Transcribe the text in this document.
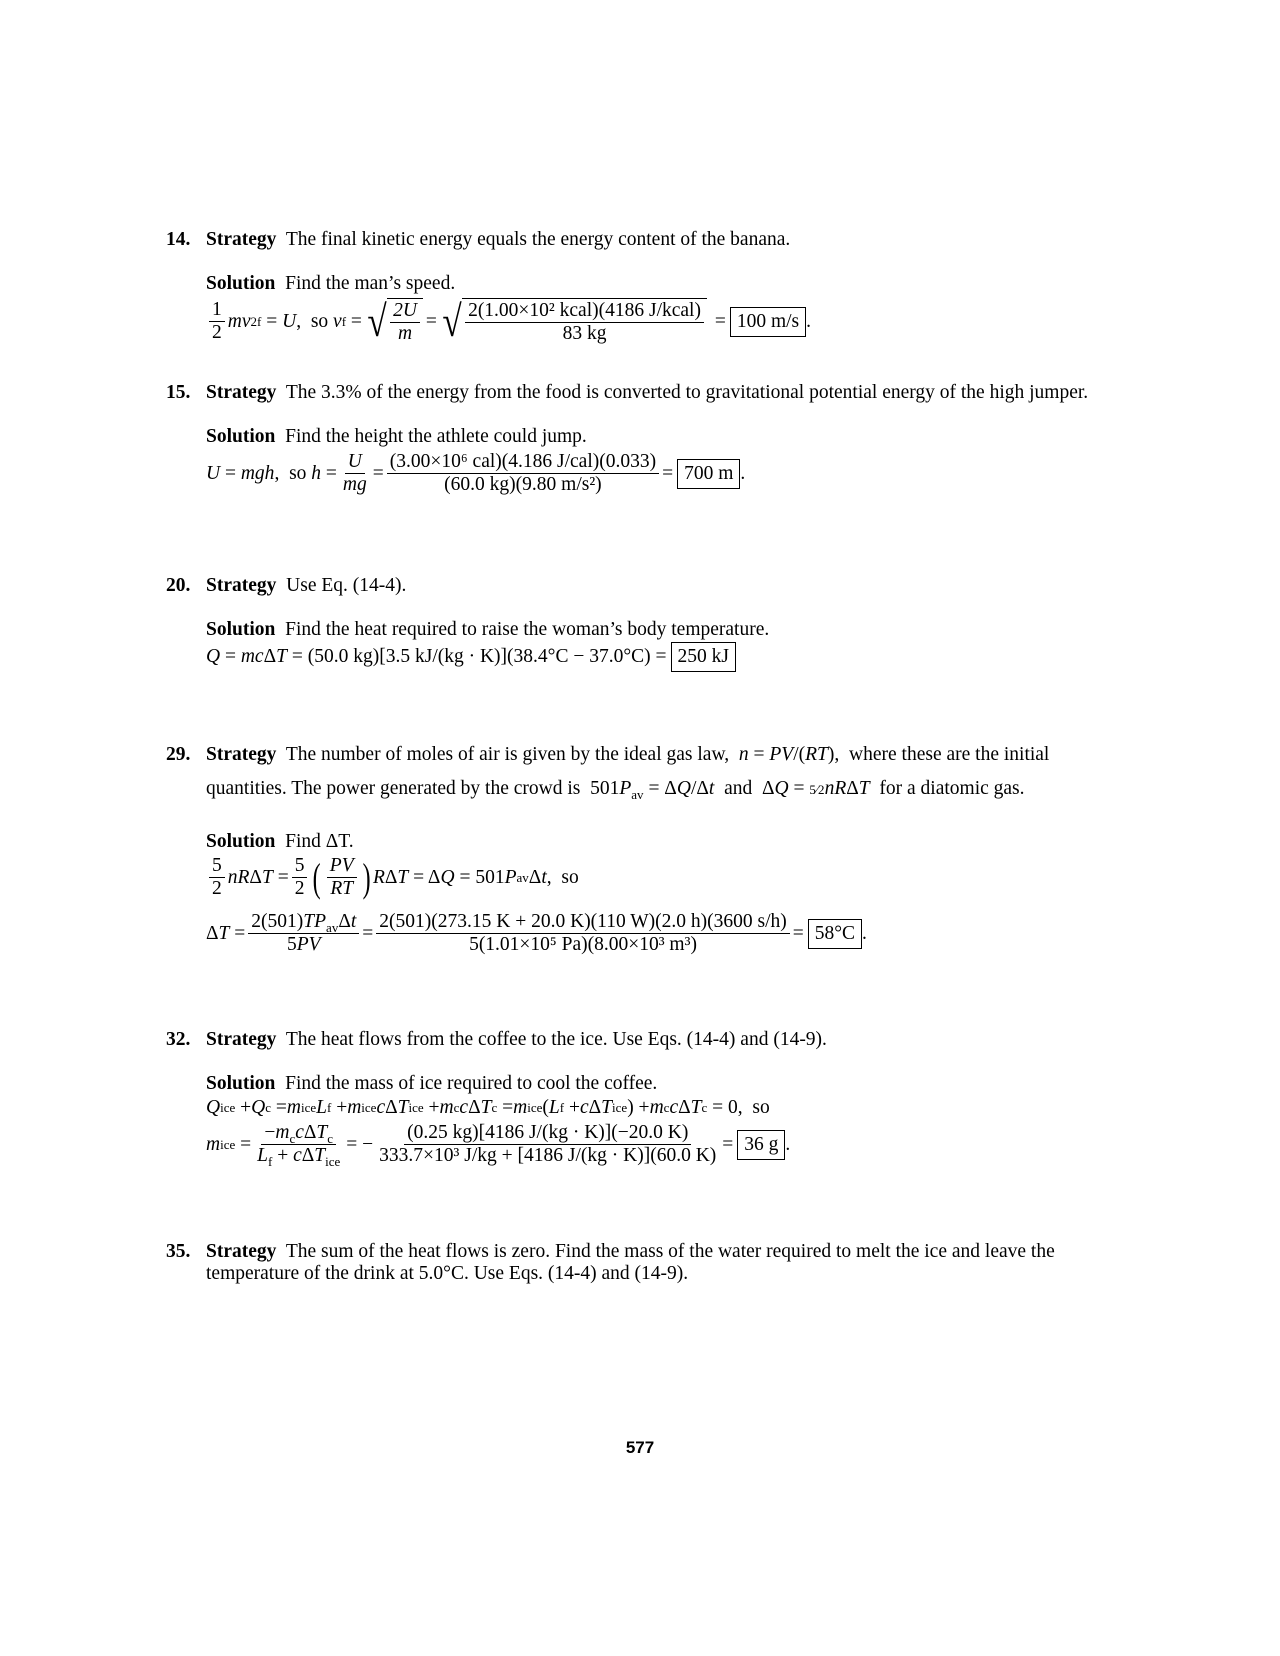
14. Strategy The final kinetic energy equals the energy content of the banana.
Solution Find the man’s speed.
$\frac{1}{2}$ mv 2 f = U ,  so v f = √ $\frac{2U}{m}$ = √ $\frac{\text{2(1.00×10² kcal)(4186 J/kcal)}}{83 kg} = 100$ m/s .
15. Strategy The 3.3% of the energy from the food is converted to gravitational potential energy of the high jumper.
Solution Find the height the athlete could jump.
U = mgh ,  so $h = \frac{U}{mg} = \frac{\text{(3.00×10⁶ cal)(4.186 J/cal)(0.033)}}{\text{(60.0 kg)(9.80 m/s²)}} = 700$ m .
20. Strategy Use Eq. (14-4).
Solution Find the heat required to raise the woman’s body temperature.
Q = mc Δ T
= (50.0 kg)[3.5 kJ/(kg · K)](38.4°C − 37.0°C) = 250 kJ
29. Strategy The number of moles of air is given by the ideal gas law, n = PV/(RT),  where these are the initial
quantities. The power generated by the crowd is  $501P_{av} = \Delta Q/\Delta t$  and  ΔQ = 5⁄2nRΔT for a diatomic gas.
Solution Find ΔT.
$\frac{5}{2}$ nR Δ $T = \frac{5}{2}$ ( $\frac{PV}{RT}$ ) R Δ T = Δ Q = 501 P av Δ t ,  so
Δ $T = \frac{2(501)TP_{av}\Delta t}{5PV} = \frac{2(501)(273.15 K + 20.0 K)(110 W)(2.0 h)(3600 s/h)}{\text{5(1.01×10⁵ Pa)(8.00×10³ m³)}} = 58^\circ C$ .
32. Strategy The heat flows from the coffee to the ice. Use Eqs. (14-4) and (14-9).
Solution Find the mass of ice required to cool the coffee.
Q ice + Q c = m ice L f + m ice c Δ T ice + m c c Δ T c = m ice ( L f + c Δ T ice ) + m c c Δ T c = 0,  so
m ice = $\frac{-m_cc\Delta T_c}{L_f + c\Delta T_{ice}}$ = − $\frac{(0.25 kg)[4186 J/(kg \cdot K)](-20.0 K)}{\text{333.7×10³ J/kg + [4186 J/(kg · K)](60.0 K)}} = 36$ g .
35. Strategy The sum of the heat flows is zero. Find the mass of the water required to melt the ice and leave the
temperature of the drink at 5.0°C. Use Eqs. (14-4) and (14-9).
577
